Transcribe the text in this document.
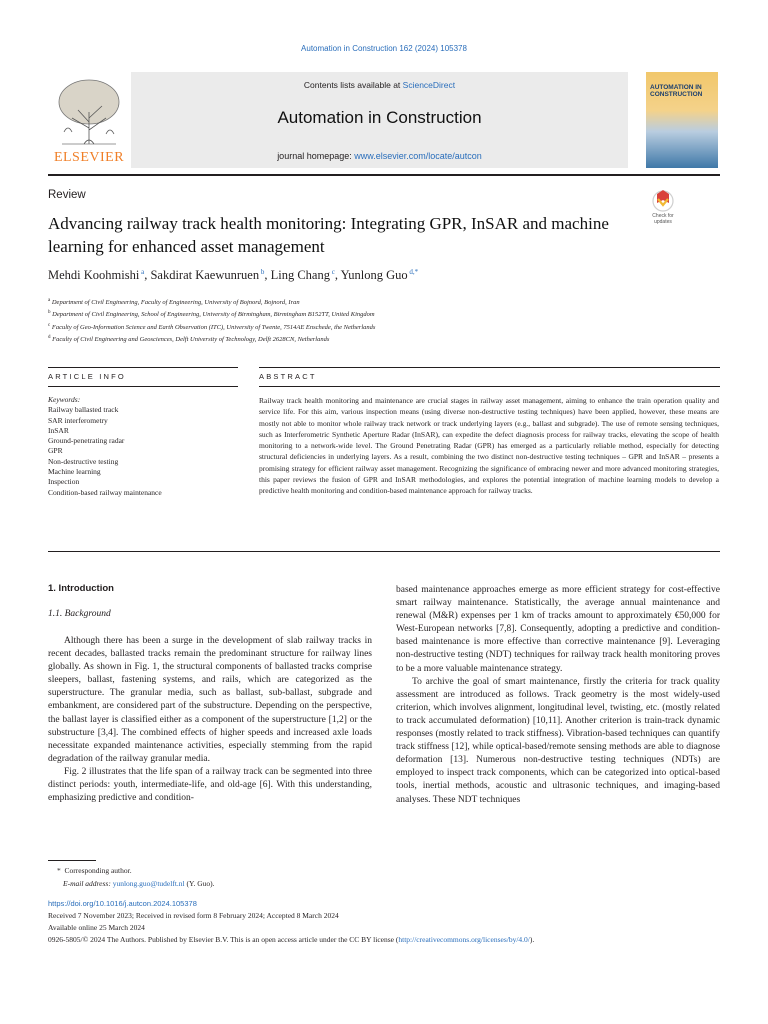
Automation in Construction 162 (2024) 105378
Contents lists available at ScienceDirect
Automation in Construction
journal homepage: www.elsevier.com/locate/autcon
ELSEVIER
AUTOMATION IN CONSTRUCTION
Review
Check for updates
Advancing railway track health monitoring: Integrating GPR, InSAR and machine learning for enhanced asset management
Mehdi Koohmishi $^a$, Sakdirat Kaewunruen $^b$, Ling Chang $^c$, Yunlong Guo $^{d,*}$
$^a$ Department of Civil Engineering, Faculty of Engineering, University of Bojnord, Bojnord, Iran
$^b$ Department of Civil Engineering, School of Engineering, University of Birmingham, Birmingham B152TT, United Kingdom
$^c$ Faculty of Geo-Information Science and Earth Observation (ITC), University of Twente, 7514AE Enschede, the Netherlands
$^d$ Faculty of Civil Engineering and Geosciences, Delft University of Technology, Delft 2628CN, Netherlands
ARTICLE INFO	ABSTRACT
Keywords:
Railway ballasted track
SAR interferometry
InSAR
Ground-penetrating radar
GPR
Non-destructive testing
Machine learning
Inspection
Condition-based railway maintenance
Railway track health monitoring and maintenance are crucial stages in railway asset management, aiming to enhance the train operation quality and service life. For this aim, various inspection means (using diverse non-destructive testing techniques) have been applied, however, these means are mostly not able to monitor whole railway track network or track underlying layers (e.g., ballast and subgrade). The use of remote sensing techniques, such as Interferometric Synthetic Aperture Radar (InSAR), can expedite the defect diagnosis process for railway tracks, elevating the scope of health monitoring to a network-wide level. The Ground Penetrating Radar (GPR) has emerged as a particularly reliable method, especially for detecting structural deficiencies in underlying layers. As a result, combining the two distinct non-destructive testing techniques – GPR and InSAR – presents a promising strategy for efficient railway asset management. Recognizing the significance of embracing newer and more advanced monitoring strategies, this paper reviews the fusion of GPR and InSAR methodologies, and explores the potential integration of machine learning models to develop a predictive health monitoring and condition-based maintenance approach for railway tracks.
1. Introduction
1.1. Background

Although there has been a surge in the development of slab railway tracks in recent decades, ballasted tracks remain the predominant structure for railway lines globally. As shown in Fig. 1, the structural components of ballasted tracks comprise sleepers, ballast, fastening systems, and rails, which are categorized as the superstructure. The granular media, such as ballast, sub-ballast, subgrade and embankment, are considered part of the substructure. Depending on the perspective, the ballast layer is classified either as a component of the superstructure [1,2] or the substructure [3,4]. The combined effects of higher speeds and increased axle loads necessitate expanded maintenance activities, especially stemming from the rapid degradation of the railway granular media.

Fig. 2 illustrates that the life span of a railway track can be segmented into three distinct periods: youth, intermediate-life, and old-age [6]. With this understanding, emphasizing predictive and condition-

based maintenance approaches emerge as more efficient strategy for cost-effective smart railway maintenance. Statistically, the average annual maintenance and renewal (M&R) expenses per 1 km of tracks amount to approximately €50,000 for West-European networks [7,8]. Consequently, adopting a predictive and condition-based maintenance is more effective than corrective maintenance [9]. Leveraging non-destructive testing (NDT) techniques for railway track health monitoring proves to be a more valuable maintenance strategy.

To archive the goal of smart maintenance, firstly the criteria for track quality assessment are introduced as follows. Track geometry is the most widely-used criterion, which involves alignment, longitudinal level, twisting, etc. (mostly related to track accumulated deformation) [10,11]. Another criterion is train-track dynamic responses (mostly related to track stiffness). Vibration-based techniques can quantify track stiffness [12], while optical-based/remote sensing methods are able to diagnose deformation [13]. Numerous non-destructive testing techniques (NDTs) are employed to inspect track components, which can be categorized into optical-based tools, inertial methods, acoustic and ultrasonic techniques, and imaging-based analyses. These NDT techniques

* Corresponding author.
E-mail address: yunlong.guo@tudelft.nl (Y. Guo).
https://doi.org/10.1016/j.autcon.2024.105378
Received 7 November 2023; Received in revised form 8 February 2024; Accepted 8 March 2024
Available online 25 March 2024
0926-5805/© 2024 The Authors. Published by Elsevier B.V. This is an open access article under the CC BY license (http://creativecommons.org/licenses/by/4.0/).
